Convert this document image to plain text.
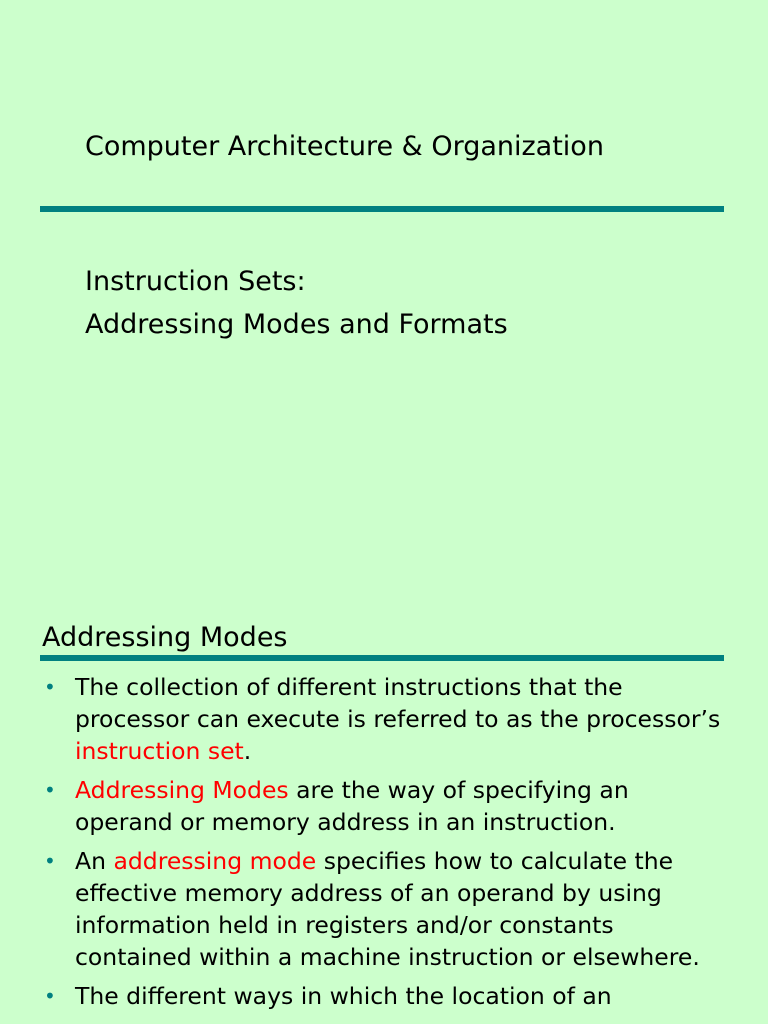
Computer Architecture & Organization
Instruction Sets:
Addressing Modes and Formats
Addressing Modes
• The collection of different instructions that the processor can execute is referred to as the processor’s instruction set.
• Addressing Modes are the way of specifying an operand or memory address in an instruction.
• An addressing mode specifies how to calculate the effective memory address of an operand by using information held in registers and/or constants contained within a machine instruction or elsewhere.
• The different ways in which the location of an
